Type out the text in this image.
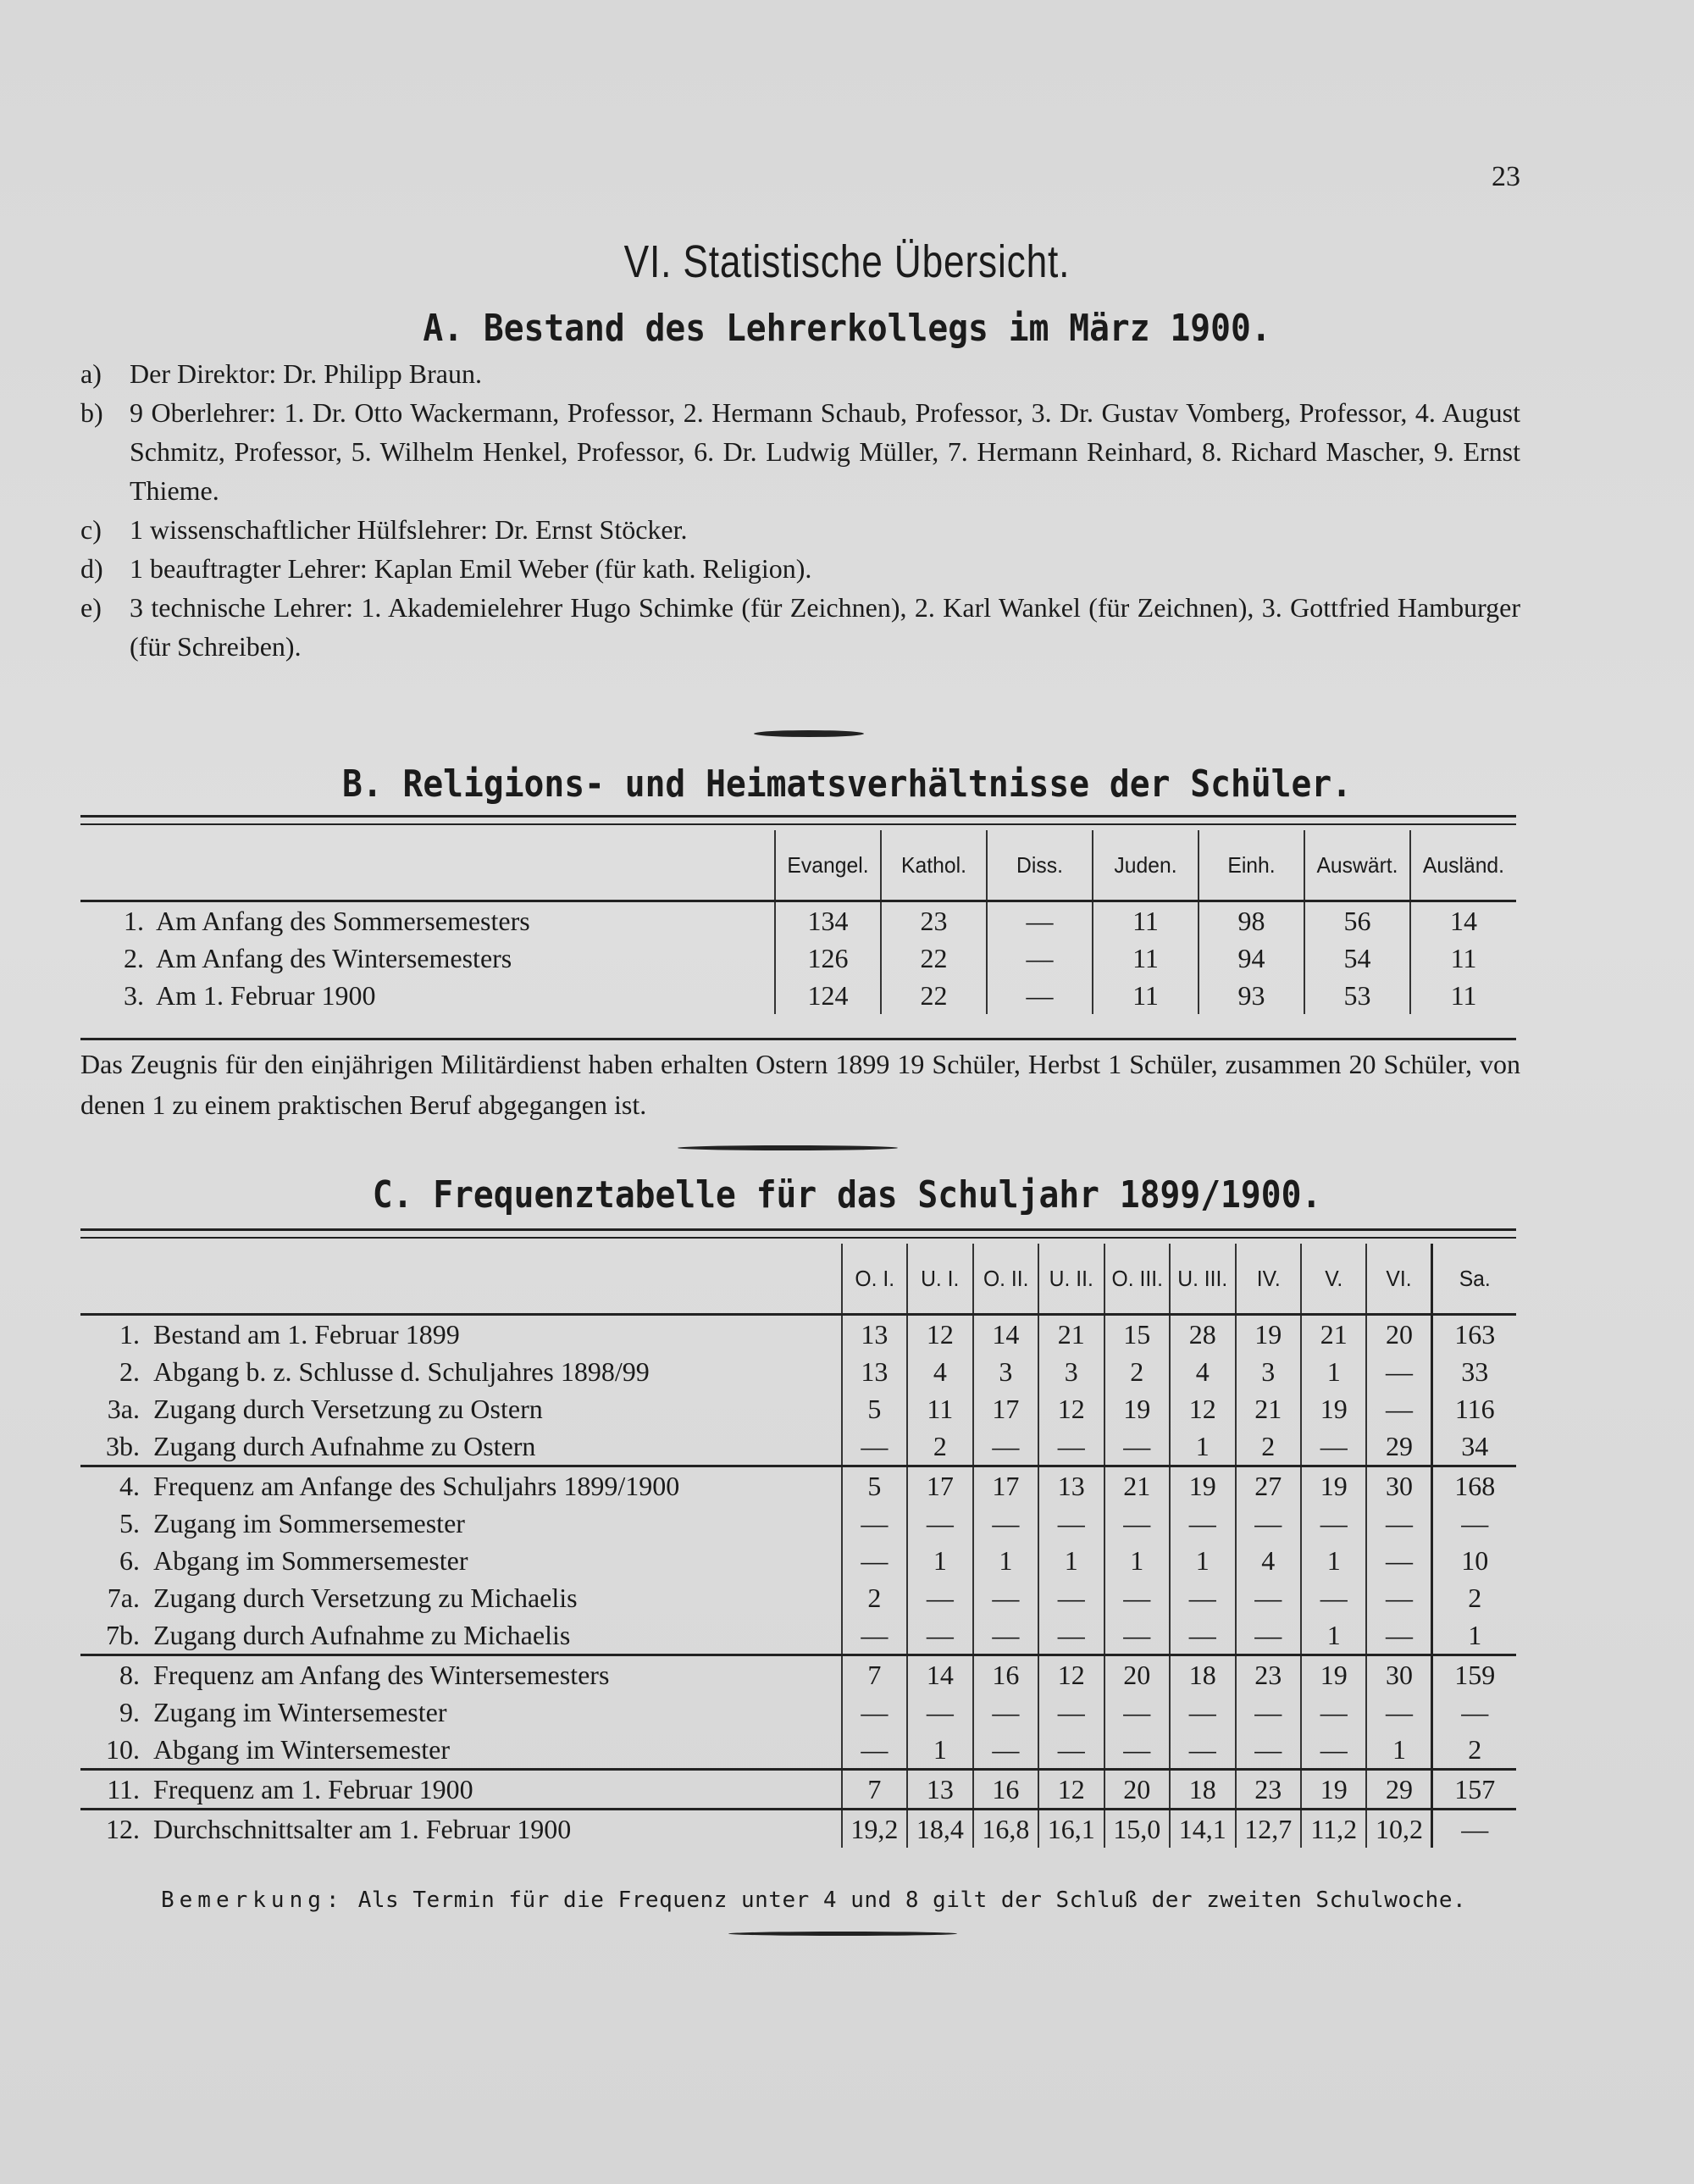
23
VI. Statistische Übersicht.
A. Bestand des Lehrerkollegs im März 1900.
a) Der Direktor: Dr. Philipp Braun.
b) 9 Oberlehrer: 1. Dr. Otto Wackermann, Professor, 2. Hermann Schaub, Professor, 3. Dr. Gustav Vomberg, Professor, 4. August Schmitz, Professor, 5. Wilhelm Henkel, Professor, 6. Dr. Ludwig Müller, 7. Hermann Reinhard, 8. Richard Mascher, 9. Ernst Thieme.
c) 1 wissenschaftlicher Hülfslehrer: Dr. Ernst Stöcker.
d) 1 beauftragter Lehrer: Kaplan Emil Weber (für kath. Religion).
e) 3 technische Lehrer: 1. Akademielehrer Hugo Schimke (für Zeichnen), 2. Karl Wankel (für Zeichnen), 3. Gottfried Hamburger (für Schreiben).
B. Religions- und Heimatsverhältnisse der Schüler.
	Evangel.	Kathol.	Diss.	Juden.	Einh.	Auswärt.	Ausländ.
1. Am Anfang des Sommersemesters	134	23	—	11	98	56	14
2. Am Anfang des Wintersemesters	126	22	—	11	94	54	11
3. Am 1. Februar 1900	124	22	—	11	93	53	11
Das Zeugnis für den einjährigen Militärdienst haben erhalten Ostern 1899 19 Schüler, Herbst 1 Schüler, zusammen 20 Schüler, von denen 1 zu einem praktischen Beruf abgegangen ist.
C. Frequenztabelle für das Schuljahr 1899/1900.
	O. I.	U. I.	O. II.	U. II.	O. III.	U. III.	IV.	V.	VI.	Sa.
1. Bestand am 1. Februar 1899	13	12	14	21	15	28	19	21	20	163
2. Abgang b. z. Schlusse d. Schuljahres 1898/99	13	4	3	3	2	4	3	1	—	33
3a. Zugang durch Versetzung zu Ostern	5	11	17	12	19	12	21	19	—	116
3b. Zugang durch Aufnahme zu Ostern	—	2	—	—	—	1	2	—	29	34
4. Frequenz am Anfange des Schuljahrs 1899/1900	5	17	17	13	21	19	27	19	30	168
5. Zugang im Sommersemester	—	—	—	—	—	—	—	—	—	—
6. Abgang im Sommersemester	—	1	1	1	1	1	4	1	—	10
7a. Zugang durch Versetzung zu Michaelis	2	—	—	—	—	—	—	—	—	2
7b. Zugang durch Aufnahme zu Michaelis	—	—	—	—	—	—	—	1	—	1
8. Frequenz am Anfang des Wintersemesters	7	14	16	12	20	18	23	19	30	159
9. Zugang im Wintersemester	—	—	—	—	—	—	—	—	—	—
10. Abgang im Wintersemester	—	1	—	—	—	—	—	—	1	2
11. Frequenz am 1. Februar 1900	7	13	16	12	20	18	23	19	29	157
12. Durchschnittsalter am 1. Februar 1900	19,2	18,4	16,8	16,1	15,0	14,1	12,7	11,2	10,2	—
Bemerkung: Als Termin für die Frequenz unter 4 und 8 gilt der Schluß der zweiten Schulwoche.
